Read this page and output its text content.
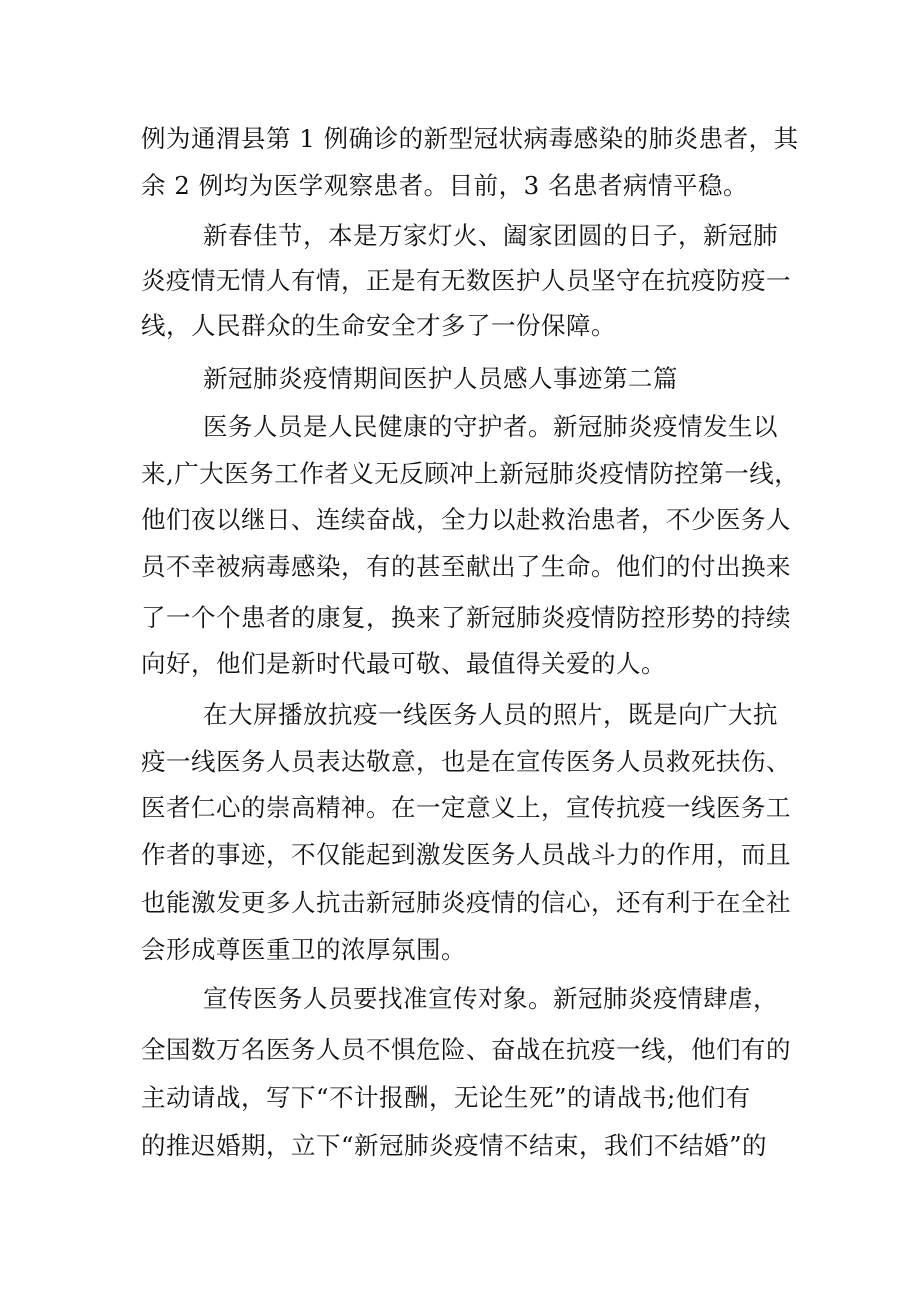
例为通渭县第 1 例确诊的新型冠状病毒感染的肺炎患者，其
余 2 例均为医学观察患者。目前，3 名患者病情平稳。
新春佳节，本是万家灯火、阖家团圆的日子，新冠肺
炎疫情无情人有情，正是有无数医护人员坚守在抗疫防疫一
线，人民群众的生命安全才多了一份保障。
新冠肺炎疫情期间医护人员感人事迹第二篇
医务人员是人民健康的守护者。新冠肺炎疫情发生以
来,广大医务工作者义无反顾冲上新冠肺炎疫情防控第一线，
他们夜以继日、连续奋战，全力以赴救治患者，不少医务人
员不幸被病毒感染，有的甚至献出了生命。他们的付出换来
了一个个患者的康复，换来了新冠肺炎疫情防控形势的持续
向好，他们是新时代最可敬、最值得关爱的人。
在大屏播放抗疫一线医务人员的照片，既是向广大抗
疫一线医务人员表达敬意，也是在宣传医务人员救死扶伤、
医者仁心的崇高精神。在一定意义上，宣传抗疫一线医务工
作者的事迹，不仅能起到激发医务人员战斗力的作用，而且
也能激发更多人抗击新冠肺炎疫情的信心，还有利于在全社
会形成尊医重卫的浓厚氛围。
宣传医务人员要找准宣传对象。新冠肺炎疫情肆虐，
全国数万名医务人员不惧危险、奋战在抗疫一线，他们有的
主动请战，写下“不计报酬，无论生死”的请战书;他们有
的推迟婚期，立下“新冠肺炎疫情不结束，我们不结婚”的
